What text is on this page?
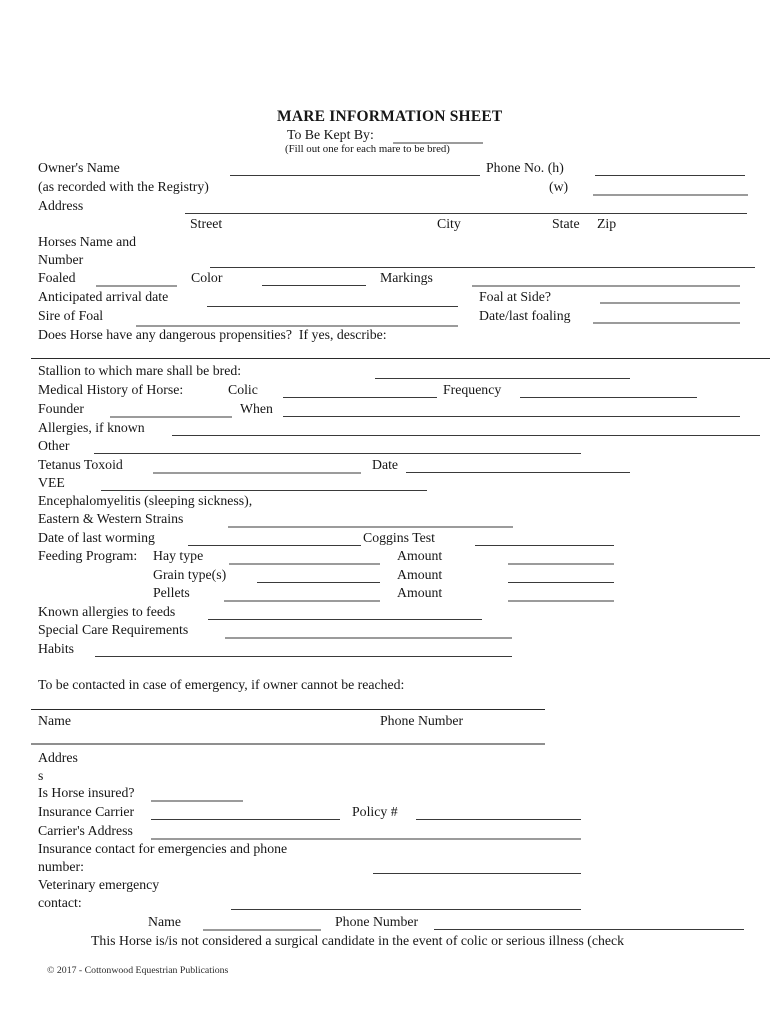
MARE INFORMATION SHEET
To Be Kept By:
(Fill out one for each mare to be bred)
Owner's Name	Phone No. (h)
(as recorded with the Registry)	(w)
Address
Street	City	State Zip
Horses Name and
Number
Foaled	Color	Markings
Anticipated arrival date	Foal at Side?
Sire of Foal	Date/last foaling
Does Horse have any dangerous propensities?  If yes, describe:
Stallion to which mare shall be bred:
Medical History of Horse:	Colic	Frequency
Founder	When
Allergies, if known
Other
Tetanus Toxoid	Date
VEE
Encephalomyelitis (sleeping sickness),
Eastern & Western Strains
Date of last worming	Coggins Test
Feeding Program: Hay type	Amount
Grain type(s)	Amount
Pellets	Amount
Known allergies to feeds
Special Care Requirements
Habits
To be contacted in case of emergency, if owner cannot be reached:
Name	Phone Number
Addres
s
Is Horse insured?
Insurance Carrier	Policy #
Carrier's Address
Insurance contact for emergencies and phone
number:
Veterinary emergency
contact:
Name	Phone Number
This Horse is/is not considered a surgical candidate in the event of colic or serious illness (check
© 2017 - Cottonwood Equestrian Publications
